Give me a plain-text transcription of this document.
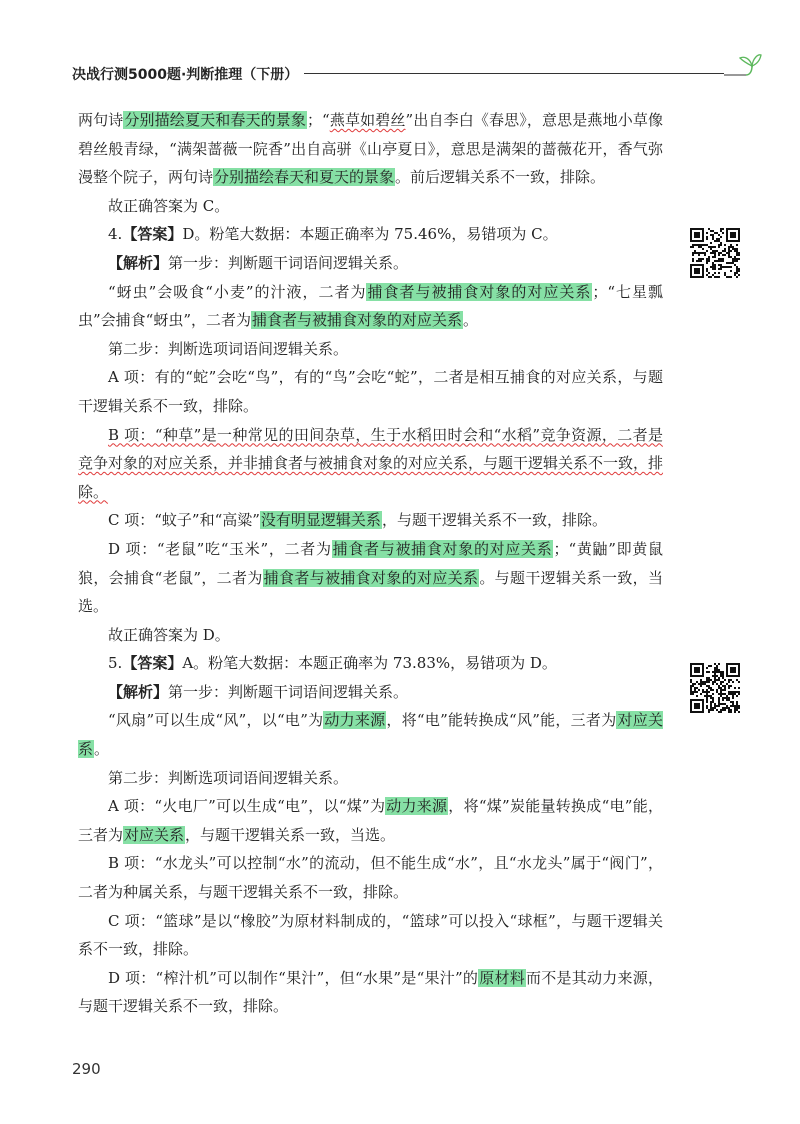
决战行测5000题·判断推理（下册）

两句诗分别描绘夏天和春天的景象；“燕草如碧丝”出自李白《春思》，意思是燕地小草像碧丝般青绿，“满架蔷薇一院香”出自高骈《山亭夏日》，意思是满架的蔷薇花开，香气弥漫整个院子，两句诗分别描绘春天和夏天的景象。前后逻辑关系不一致，排除。

故正确答案为 C。

4.【答案】D。粉笔大数据：本题正确率为 75.46%，易错项为 C。

【解析】第一步：判断题干词语间逻辑关系。

“蚜虫”会吸食“小麦”的汁液，二者为捕食者与被捕食对象的对应关系；“七星瓢虫”会捕食“蚜虫”，二者为捕食者与被捕食对象的对应关系。

第二步：判断选项词语间逻辑关系。

A 项：有的“蛇”会吃“鸟”，有的“鸟”会吃“蛇”，二者是相互捕食的对应关系，与题干逻辑关系不一致，排除。

B 项：“种草”是一种常见的田间杂草，生于水稻田时会和“水稻”竞争资源，二者是竞争对象的对应关系，并非捕食者与被捕食对象的对应关系，与题干逻辑关系不一致，排除。

C 项：“蚊子”和“高粱”没有明显逻辑关系，与题干逻辑关系不一致，排除。

D 项：“老鼠”吃“玉米”，二者为捕食者与被捕食对象的对应关系；“黄鼬”即黄鼠狼，会捕食“老鼠”，二者为捕食者与被捕食对象的对应关系。与题干逻辑关系一致，当选。

故正确答案为 D。

5.【答案】A。粉笔大数据：本题正确率为 73.83%，易错项为 D。

【解析】第一步：判断题干词语间逻辑关系。

“风扇”可以生成“风”，以“电”为动力来源，将“电”能转换成“风”能，三者为对应关系。

第二步：判断选项词语间逻辑关系。

A 项：“火电厂”可以生成“电”，以“煤”为动力来源，将“煤”炭能量转换成“电”能，三者为对应关系，与题干逻辑关系一致，当选。

B 项：“水龙头”可以控制“水”的流动，但不能生成“水”，且“水龙头”属于“阀门”，二者为种属关系，与题干逻辑关系不一致，排除。

C 项：“篮球”是以“橡胶”为原材料制成的，“篮球”可以投入“球框”，与题干逻辑关系不一致，排除。

D 项：“榨汁机”可以制作“果汁”，但“水果”是“果汁”的原材料而不是其动力来源，与题干逻辑关系不一致，排除。

290
